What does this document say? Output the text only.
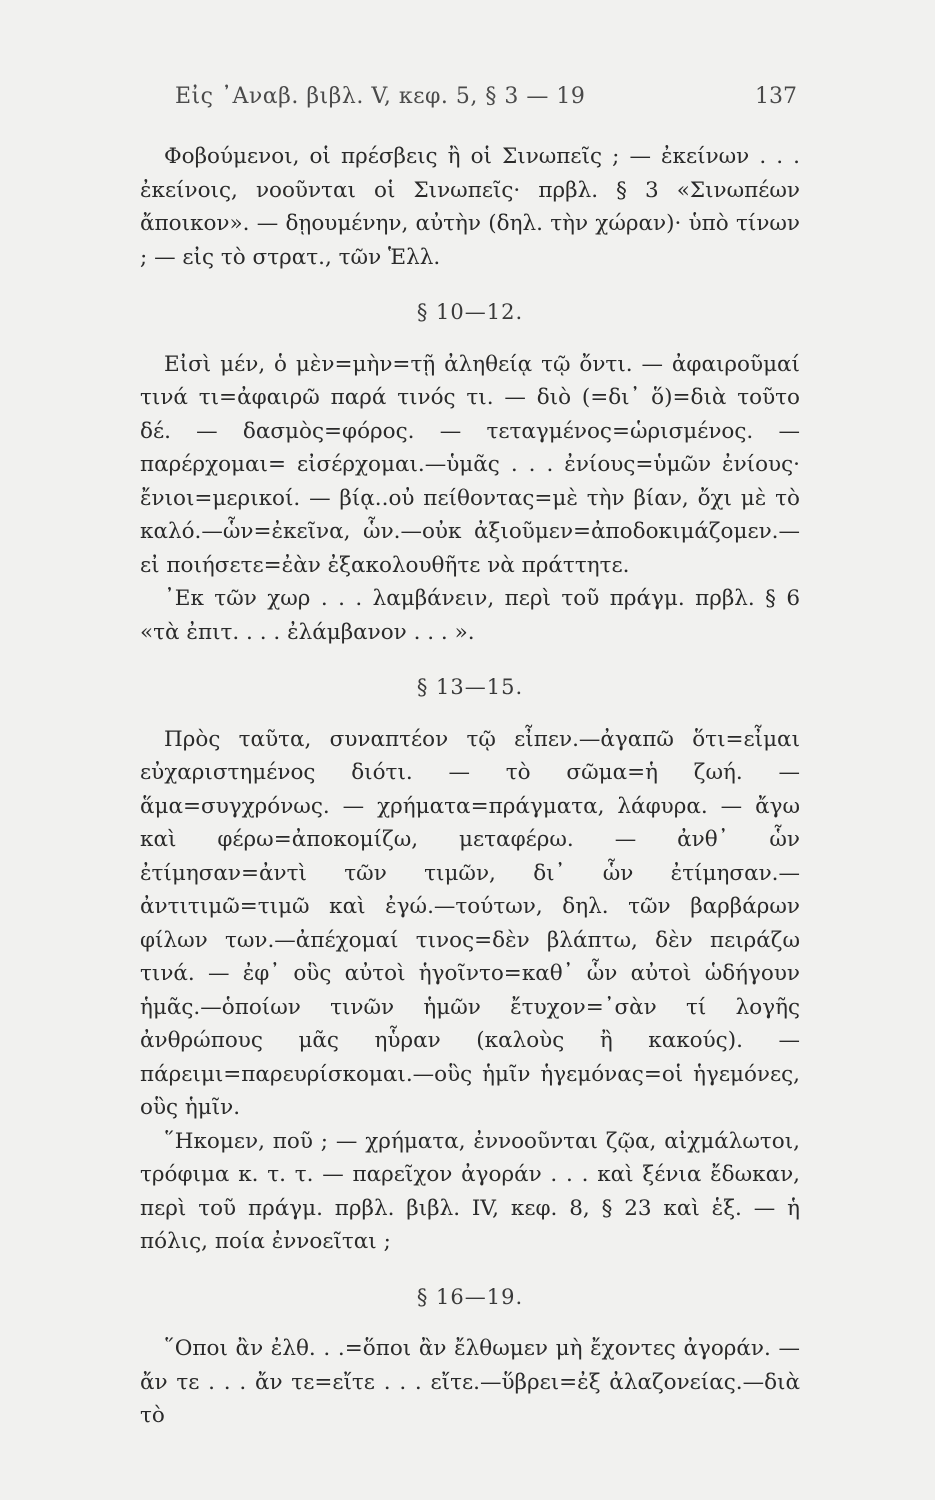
Εἰς ᾿Αναβ. βιβλ. V, κεφ. 5, § 3 — 19	137

Φοβούμενοι, οἱ πρέσβεις ἢ οἱ Σινωπεῖς ; — ἐκείνων . . . ἐκείνοις, νοοῦνται οἱ Σινωπεῖς· πρβλ. § 3 «Σινωπέων ἄποικον». — δῃουμένην, αὐτὴν (δηλ. τὴν χώραν)· ὑπὸ τίνων ; — εἰς τὸ στρατ., τῶν Ἑλλ.

§ 10—12.

Εἰσὶ μέν, ὁ μὲν=μὴν=τῇ ἀληθείᾳ τῷ ὄντι. — ἀφαιροῦμαί τινά τι=ἀφαιρῶ παρά τινός τι. — διὸ (=δι᾽ ὅ)=διὰ τοῦτο δέ. — δασμὸς=φόρος. — τεταγμένος=ὡρισμένος. — παρέρχομαι= εἰσέρχομαι.—ὑμᾶς . . . ἐνίους=ὑμῶν ἐνίους· ἔνιοι=μερικοί. — βίᾳ..οὐ πείθοντας=μὲ τὴν βίαν, ὄχι μὲ τὸ καλό.—ὧν=ἐκεῖνα, ὧν.—οὐκ ἀξιοῦμεν=ἀποδοκιμάζομεν.— εἰ ποιήσετε=ἐὰν ἐξακολουθῆτε νὰ πράττητε.

᾿Εκ τῶν χωρ . . . λαμβάνειν, περὶ τοῦ πράγμ. πρβλ. § 6 «τὰ ἐπιτ. . . . ἐλάμβανον . . . ».

§ 13—15.

Πρὸς ταῦτα, συναπτέον τῷ εἶπεν.—ἀγαπῶ ὅτι=εἶμαι εὐχαριστημένος διότι. — τὸ σῶμα=ἡ ζωή. — ἅμα=συγχρόνως. — χρήματα=πράγματα, λάφυρα. — ἄγω καὶ φέρω=ἀποκομίζω, μεταφέρω. — ἀνθ᾽ ὧν ἐτίμησαν=ἀντὶ τῶν τιμῶν, δι᾽ ὧν ἐτίμησαν.—ἀντιτιμῶ=τιμῶ καὶ ἐγώ.—τούτων, δηλ. τῶν βαρβάρων φίλων των.—ἀπέχομαί τινος=δὲν βλάπτω, δὲν πειράζω τινά. — ἐφ᾽ οὓς αὐτοὶ ἡγοῖντο=καθ᾽ ὧν αὐτοὶ ὡδήγουν ἡμᾶς.—ὁποίων τινῶν ἡμῶν ἔτυχον=᾽σὰν τί λογῆς ἀνθρώπους μᾶς ηὗραν (καλοὺς ἢ κακούς). — πάρειμι=παρευρίσκομαι.—οὓς ἡμῖν ἡγεμόνας=οἱ ἡγεμόνες, οὓς ἡμῖν.

῞Ηκομεν, ποῦ ; — χρήματα, ἐννοοῦνται ζῷα, αἰχμάλωτοι, τρόφιμα κ. τ. τ. — παρεῖχον ἀγοράν . . . καὶ ξένια ἔδωκαν, περὶ τοῦ πράγμ. πρβλ. βιβλ. IV, κεφ. 8, § 23 καὶ ἑξ. — ἡ πόλις, ποία ἐννοεῖται ;

§ 16—19.

῞Οποι ἂν ἐλθ. . .=ὅποι ἂν ἔλθωμεν μὴ ἔχοντες ἀγοράν. — ἄν τε . . . ἄν τε=εἴτε . . . εἴτε.—ὕβρει=ἐξ ἀλαζονείας.—διὰ τὸ
